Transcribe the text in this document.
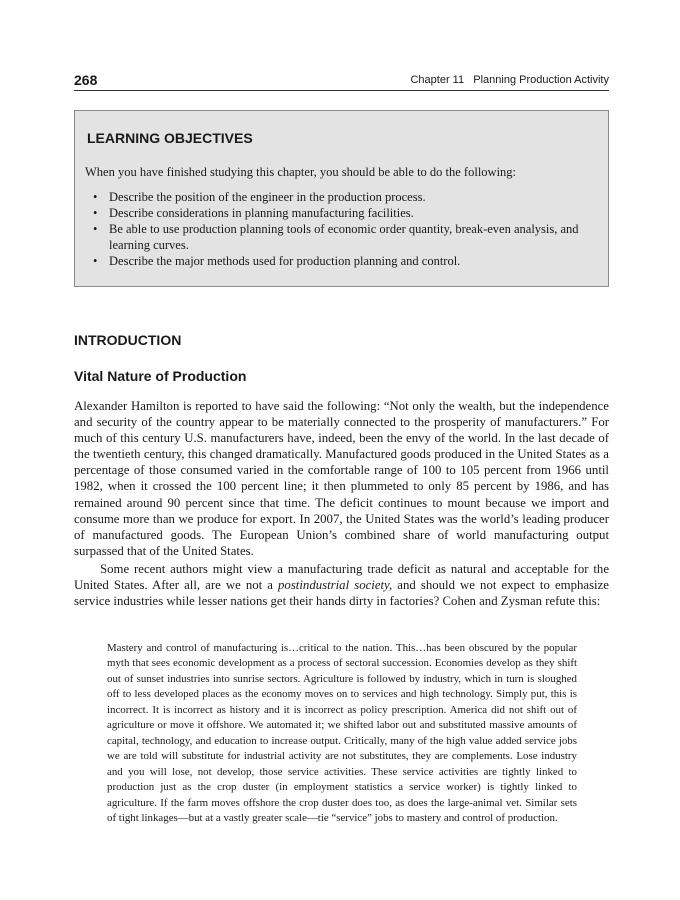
268	Chapter 11   Planning Production Activity
LEARNING OBJECTIVES
When you have finished studying this chapter, you should be able to do the following:
• Describe the position of the engineer in the production process.
• Describe considerations in planning manufacturing facilities.
• Be able to use production planning tools of economic order quantity, break-even analysis, and learning curves.
• Describe the major methods used for production planning and control.
INTRODUCTION
Vital Nature of Production

Alexander Hamilton is reported to have said the following: “Not only the wealth, but the independence and security of the country appear to be materially connected to the prosperity of manufacturers.” For much of this century U.S. manufacturers have, indeed, been the envy of the world. In the last decade of the twentieth century, this changed dramatically. Manufactured goods produced in the United States as a percentage of those consumed varied in the comfortable range of 100 to 105 percent from 1966 until 1982, when it crossed the 100 percent line; it then plummeted to only 85 percent by 1986, and has remained around 90 percent since that time. The deficit continues to mount because we import and consume more than we produce for export. In 2007, the United States was the world’s leading producer of manufactured goods. The European Union’s combined share of world manufacturing output surpassed that of the United States.

Some recent authors might view a manufacturing trade deficit as natural and acceptable for the United States. After all, are we not a postindustrial society, and should we not expect to emphasize service industries while lesser nations get their hands dirty in factories? Cohen and Zysman refute this:

Mastery and control of manufacturing is…critical to the nation. This…has been obscured by the popular myth that sees economic development as a process of sectoral succession. Economies develop as they shift out of sunset industries into sunrise sectors. Agriculture is followed by industry, which in turn is sloughed off to less developed places as the economy moves on to services and high technology. Simply put, this is incorrect. It is incorrect as history and it is incorrect as policy prescription. America did not shift out of agriculture or move it offshore. We automated it; we shifted labor out and substituted massive amounts of capital, technology, and education to increase output. Critically, many of the high value added service jobs we are told will substitute for industrial activity are not substitutes, they are complements. Lose industry and you will lose, not develop, those service activities. These service activities are tightly linked to production just as the crop duster (in employment statistics a service worker) is tightly linked to agriculture. If the farm moves offshore the crop duster does too, as does the large-animal vet. Similar sets of tight linkages—but at a vastly greater scale—tie “service” jobs to mastery and control of production.
